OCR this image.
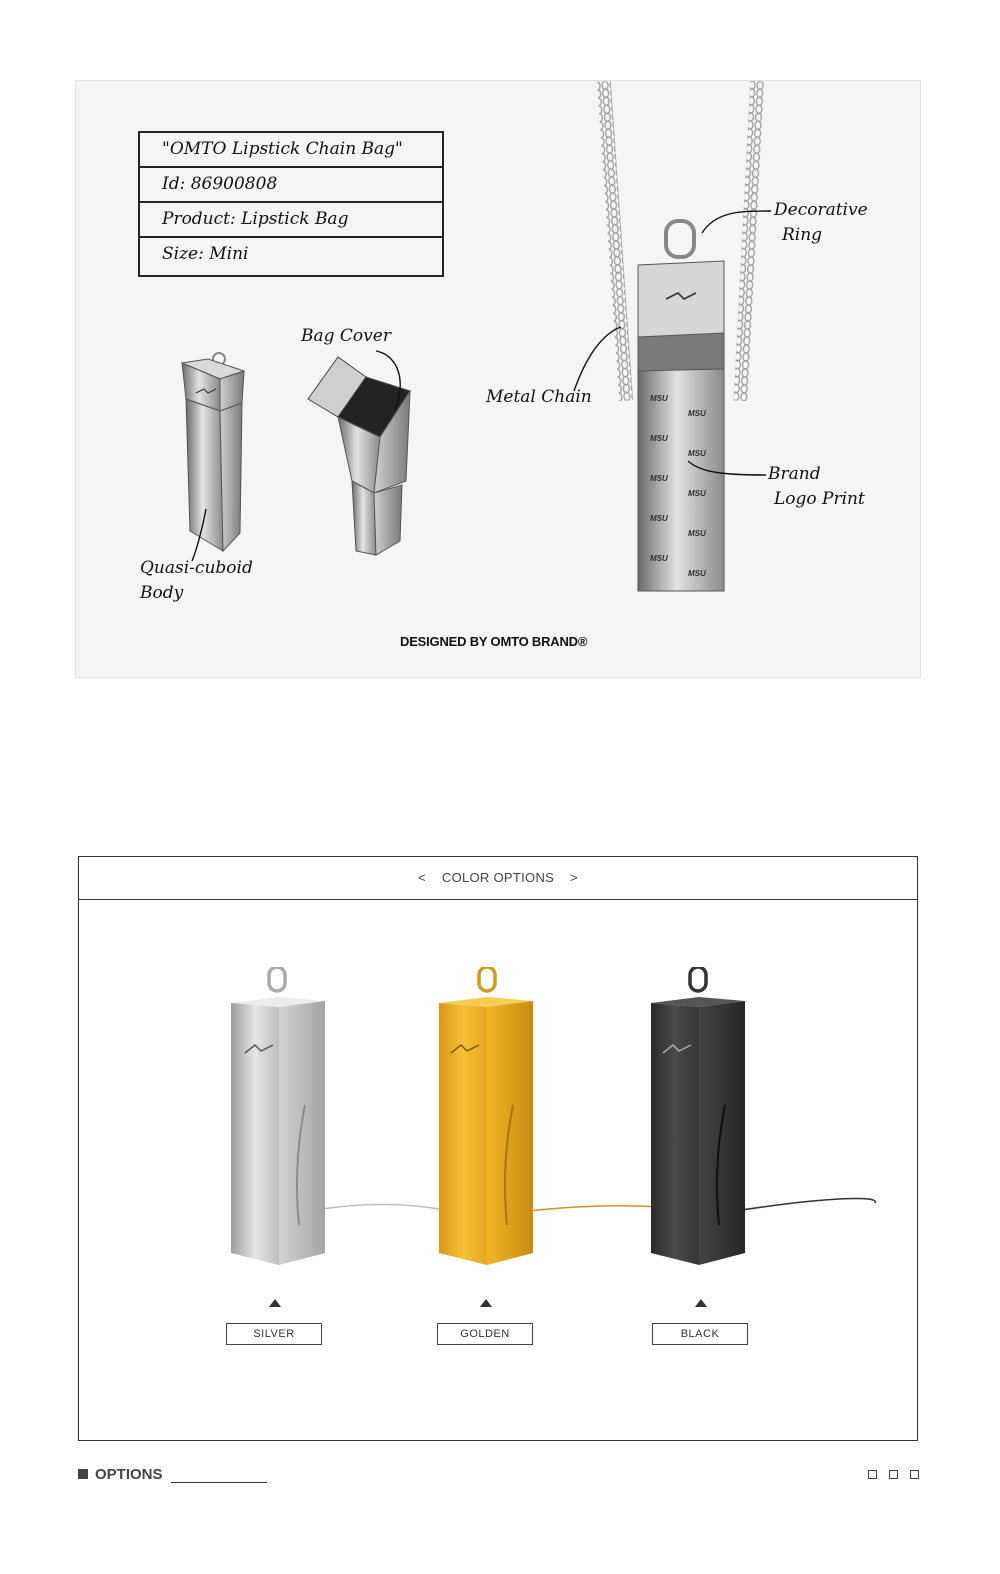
MSU
MSU
MSU
MSU
MSU
MSU
MSU
MSU
MSU
MSU
"OMTO Lipstick Chain Bag"
Id: 86900808
Product: Lipstick Bag
Size: Mini
Bag Cover
Decorative
Ring
Metal Chain
Brand
Logo Print
Quasi-cuboid
Body
DESIGNED BY OMTO BRAND®
< COLOR OPTIONS >
SILVER	GOLDEN	BLACK
OPTIONS
